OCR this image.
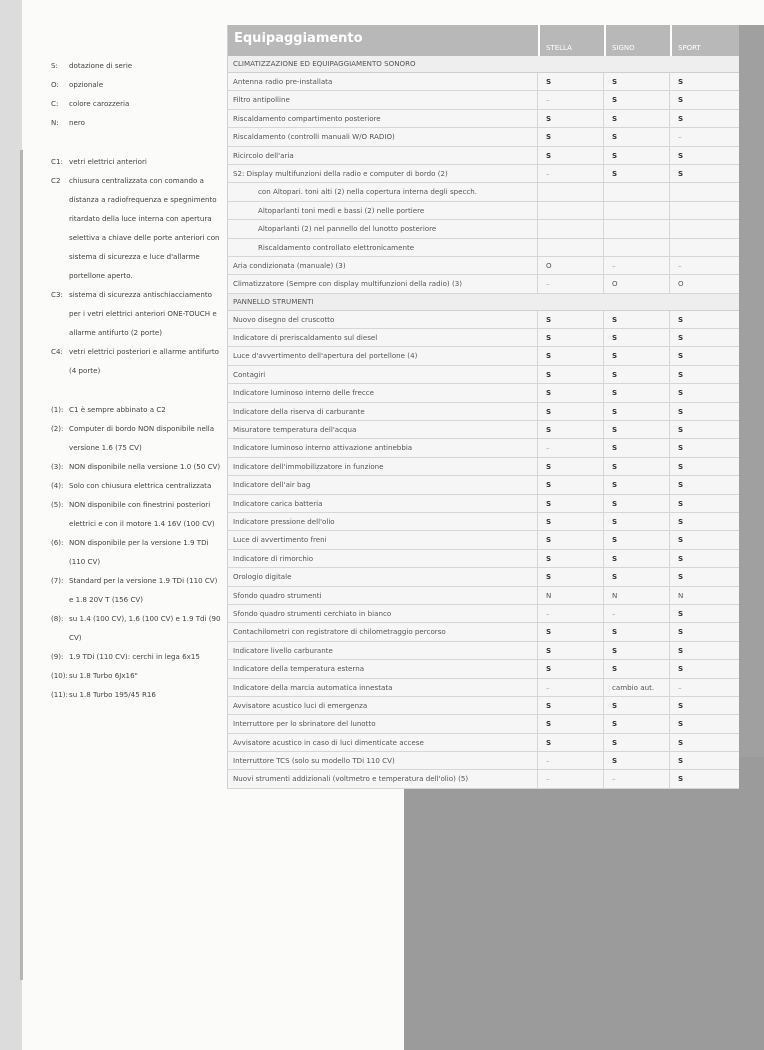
S:	dotazione di serie
O:	opzionale
C:	colore carozzeria
N:	nero
C1: vetri elettrici anteriori
C2	chiusura centralizzata con comando a distanza a radiofrequenza e spegnimento ritardato della luce interna con apertura selettiva a chiave delle porte anteriori con sistema di sicurezza e luce d'allarme portellone aperto.
C3: sistema di sicurezza antischiacciamento per i vetri elettrici anteriori ONE-TOUCH e allarme antifurto (2 porte)
C4: vetri elettrici posteriori e allarme antifurto (4 porte)
(1): C1 è sempre abbinato a C2
(2): Computer di bordo NON disponibile nella versione 1.6 (75 CV)
(3): NON disponibile nella versione 1.0 (50 CV)
(4): Solo con chiusura elettrica centralizzata
(5): NON disponibile con finestrini posteriori elettrici e con il motore 1.4 16V (100 CV)
(6): NON disponibile per la versione 1.9 TDi (110 CV)
(7): Standard per la versione 1.9 TDi (110 CV) e 1.8 20V T (156 CV)
(8): su 1.4 (100 CV), 1.6 (100 CV) e 1.9 Tdi (90 CV)
(9): 1.9 TDi (110 CV): cerchi in lega 6x15
(10): su 1.8 Turbo 6Jx16"
(11): su 1.8 Turbo 195/45 R16
Equipaggiamento
STELLA	SIGNO	SPORT
CLIMATIZZAZIONE ED EQUIPAGGIAMENTO SONORO
Antenna radio pre-installata	S	S	S
Filtro antipolline	–	S	S
Riscaldamento compartimento posteriore	S	S	S
Riscaldamento (controlli manuali W/O RADIO)	S	S	–
Ricircolo dell'aria	S	S	S
S2: Display multifunzioni della radio e computer di bordo (2)	–	S	S
con Altopari. toni alti (2) nella copertura interna degli specch.
Altoparlanti toni medi e bassi (2) nelle portiere
Altoparlanti (2) nel pannello del lunotto posteriore
Riscaldamento controllato elettronicamente
Aria condizionata (manuale) (3)	O	–	–
Climatizzatore (Sempre con display multifunzioni della radio) (3)	–	O	O
PANNELLO STRUMENTI
Nuovo disegno del cruscotto	S	S	S
Indicatore di preriscaldamento sul diesel	S	S	S
Luce d'avvertimento dell'apertura del portellone (4)	S	S	S
Contagiri	S	S	S
Indicatore luminoso interno delle frecce	S	S	S
Indicatore della riserva di carburante	S	S	S
Misuratore temperatura dell'acqua	S	S	S
Indicatore luminoso interno attivazione antinebbia	–	S	S
Indicatore dell'immobilizzatore in funzione	S	S	S
Indicatore dell'air bag	S	S	S
Indicatore carica batteria	S	S	S
Indicatore pressione dell'olio	S	S	S
Luce di avvertimento freni	S	S	S
Indicatore di rimorchio	S	S	S
Orologio digitale	S	S	S
Sfondo quadro strumenti	N	N	N
Sfondo quadro strumenti cerchiato in bianco	–	–	S
Contachilometri con registratore di chilometraggio percorso	S	S	S
Indicatore livello carburante	S	S	S
Indicatore della temperatura esterna	S	S	S
Indicatore della marcia automatica innestata	–	cambio aut.	–
Avvisatore acustico luci di emergenza	S	S	S
Interruttore per lo sbrinatore del lunotto	S	S	S
Avvisatore acustico in caso di luci dimenticate accese	S	S	S
Interruttore TCS (solo su modello TDi 110 CV)	–	S	S
Nuovi strumenti addizionali (voltmetro e temperatura dell'olio) (5)	–	–	S
